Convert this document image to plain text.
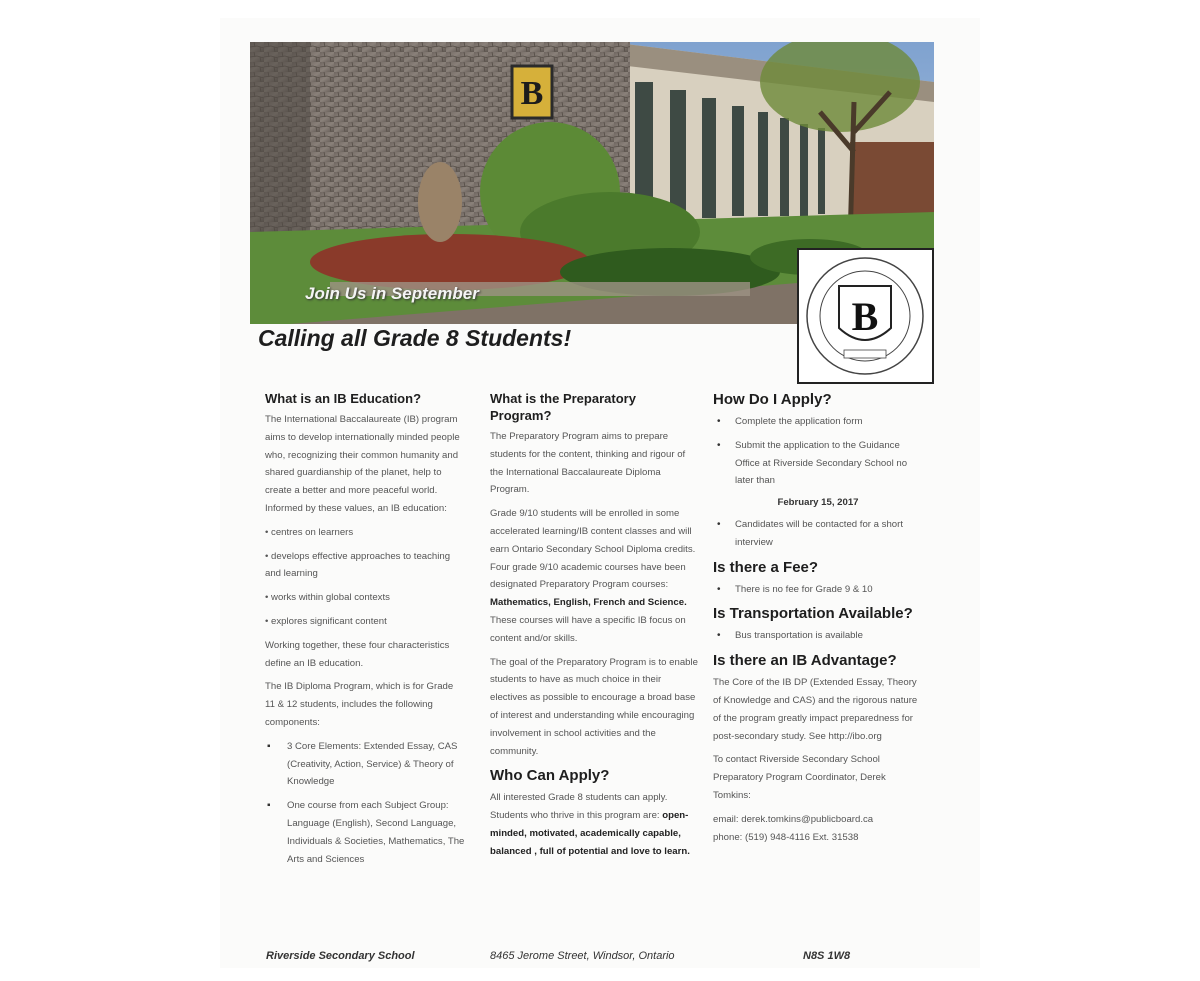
B
Join Us in September
B
Calling all Grade 8 Students!
What is an IB Education?
The International Baccalaureate (IB) program aims to develop internationally minded people who, recognizing their common humanity and shared guardianship of the planet, help to create a better and more peaceful world. Informed by these values, an IB education:
• centres on learners
• develops effective approaches to teaching and learning
• works within global contexts
• explores significant content
Working together, these four characteristics define an IB education.
The IB Diploma Program, which is for Grade 11 & 12 students, includes the following components:
▪ 3 Core Elements: Extended Essay, CAS (Creativity, Action, Service) & Theory of Knowledge
▪ One course from each Subject Group: Language (English), Second Language, Individuals & Societies, Mathematics, The Arts and Sciences
What is the Preparatory Program?
The Preparatory Program aims to prepare students for the content, thinking and rigour of the International Baccalaureate Diploma Program.
Grade 9/10 students will be enrolled in some accelerated learning/IB content classes and will earn Ontario Secondary School Diploma credits. Four grade 9/10 academic courses have been designated Preparatory Program courses: Mathematics, English, French and Science. These courses will have a specific IB focus on content and/or skills.
The goal of the Preparatory Program is to enable students to have as much choice in their electives as possible to encourage a broad base of interest and understanding while encouraging involvement in school activities and the community.
Who Can Apply?
All interested Grade 8 students can apply. Students who thrive in this program are: open-minded, motivated, academically capable, balanced , full of potential and love to learn.
How Do I Apply?
• Complete the application form
• Submit the application to the Guidance Office at Riverside Secondary School no later than
February 15, 2017
• Candidates will be contacted for a short interview
Is there a Fee?
• There is no fee for Grade 9 & 10
Is Transportation Available?
• Bus transportation is available
Is there an IB Advantage?
The Core of the IB DP (Extended Essay, Theory of Knowledge and CAS) and the rigorous nature of the program greatly impact preparedness for post-secondary study. See http://ibo.org
To contact Riverside Secondary School Preparatory Program Coordinator, Derek Tomkins:
email: derek.tomkins@publicboard.ca
phone: (519) 948-4116 Ext. 31538
Riverside Secondary School	8465 Jerome Street, Windsor, Ontario	N8S 1W8
